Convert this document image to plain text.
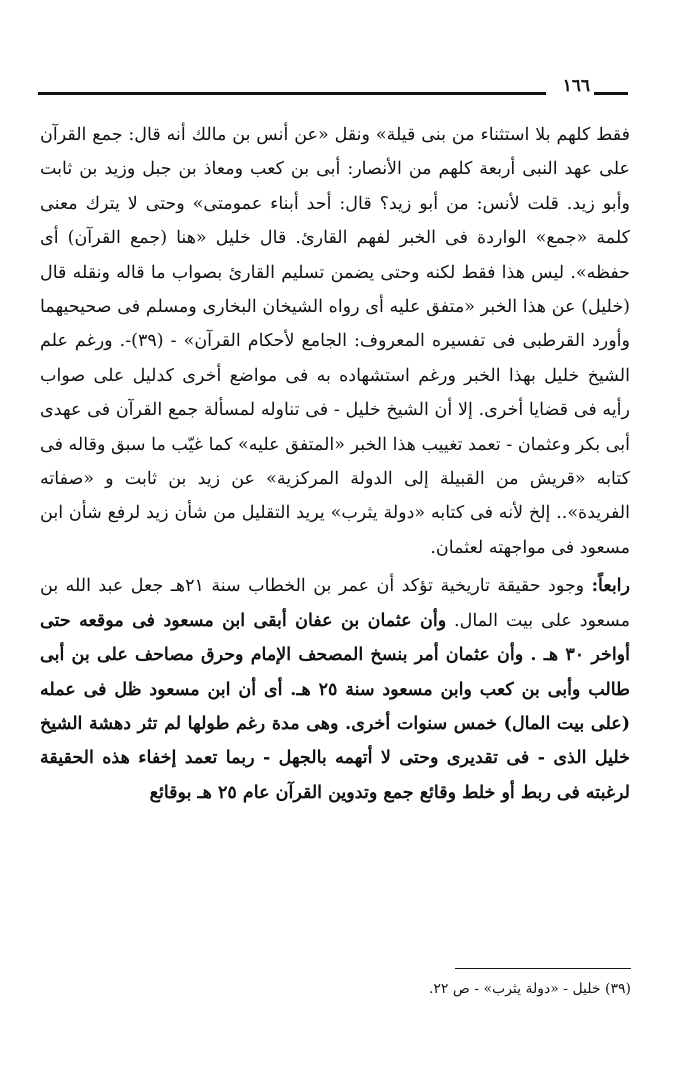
١٦٦

فقط كلهم بلا استثناء من بنى قيلة» ونقل «عن أنس بن مالك أنه قال: جمع القرآن على عهد النبى أربعة كلهم من الأنصار: أبى بن كعب ومعاذ بن جبل وزيد بن ثابت وأبو زيد. قلت لأنس: من أبو زيد؟ قال: أحد أبناء عمومتى» وحتى لا يترك معنى كلمة «جمع» الواردة فى الخبر لفهم القارئ. قال خليل «هنا (جمع القرآن) أى حفظه». ليس هذا فقط لكنه وحتى يضمن تسليم القارئ بصواب ما قاله ونقله قال (خليل) عن هذا الخبر «متفق عليه أى رواه الشيخان البخارى ومسلم فى صحيحيهما وأورد القرطبى فى تفسيره المعروف: الجامع لأحكام القرآن» - (٣٩)-. ورغم علم الشيخ خليل بهذا الخبر ورغم استشهاده به فى مواضع أخرى كدليل على صواب رأيه فى قضايا أخرى. إلا أن الشيخ خليل - فى تناوله لمسألة جمع القرآن فى عهدى أبى بكر وعثمان - تعمد تغييب هذا الخبر «المتفق عليه» كما غيّب ما سبق وقاله فى كتابه «قريش من القبيلة إلى الدولة المركزية» عن زيد بن ثابت و «صفاته الفريدة».. إلخ لأنه فى كتابه «دولة يثرب» يريد التقليل من شأن زيد لرفع شأن ابن مسعود فى مواجهته لعثمان.

رابعاً: وجود حقيقة تاريخية تؤكد أن عمر بن الخطاب سنة ٢١هـ جعل عبد الله بن مسعود على بيت المال. وأن عثمان بن عفان أبقى ابن مسعود فى موقعه حتى أواخر ٣٠ هـ . وأن عثمان أمر بنسخ المصحف الإمام وحرق مصاحف على بن أبى طالب وأبى بن كعب وابن مسعود سنة ٢٥ هـ. أى أن ابن مسعود ظل فى عمله (على بيت المال) خمس سنوات أخرى. وهى مدة رغم طولها لم تثر دهشة الشيخ خليل الذى - فى تقديرى وحتى لا أتهمه بالجهل - ربما تعمد إخفاء هذه الحقيقة لرغبته فى ربط أو خلط وقائع جمع وتدوين القرآن عام ٢٥ هـ بوقائع

(٣٩) خليل - «دولة يثرب» - ص ٢٢.
